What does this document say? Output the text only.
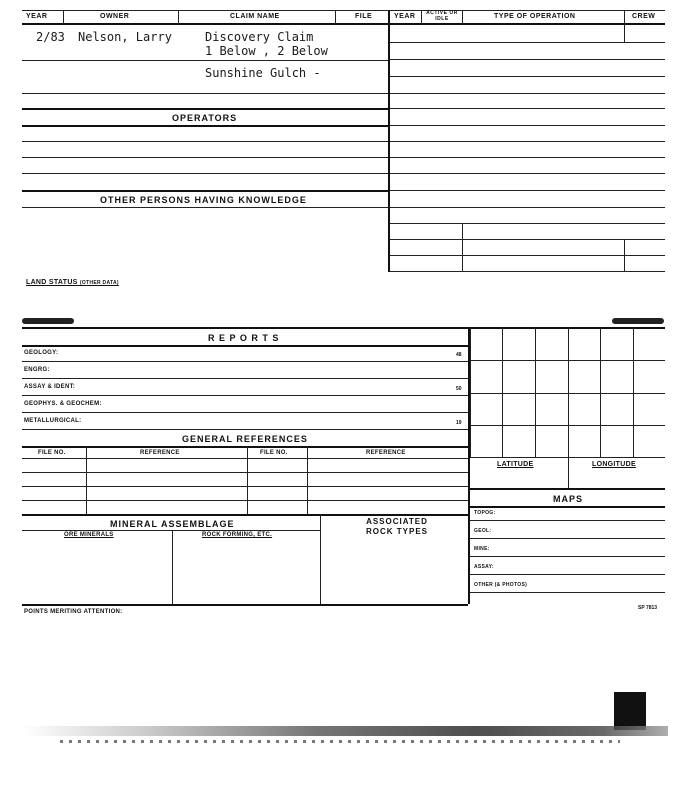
YEAR	OWNER	CLAIM NAME	FILE	YEAR	ACTIVE OR IDLE	TYPE OF OPERATION	CREW
2/83 Nelson, Larry	Discovery Claim
1 Below , 2 Below
Sunshine Gulch -
OPERATORS
OTHER PERSONS HAVING KNOWLEDGE
LAND STATUS (OTHER DATA)
R E P O R T S
GEOLOGY:	48
ENGRG:
ASSAY & IDENT:	50
GEOPHYS. & GEOCHEM:
METALLURGICAL:	19
GENERAL REFERENCES
FILE NO.	REFERENCE	FILE NO.	REFERENCE
MINERAL ASSEMBLAGE	ASSOCIATED ROCK TYPES
ORE MINERALS	ROCK FORMING, ETC.
LATITUDE	LONGITUDE
MAPS
TOPOG:
GEOL:
MINE:
ASSAY:
OTHER (& PHOTOS)
POINTS MERITING ATTENTION:
SP 7813
